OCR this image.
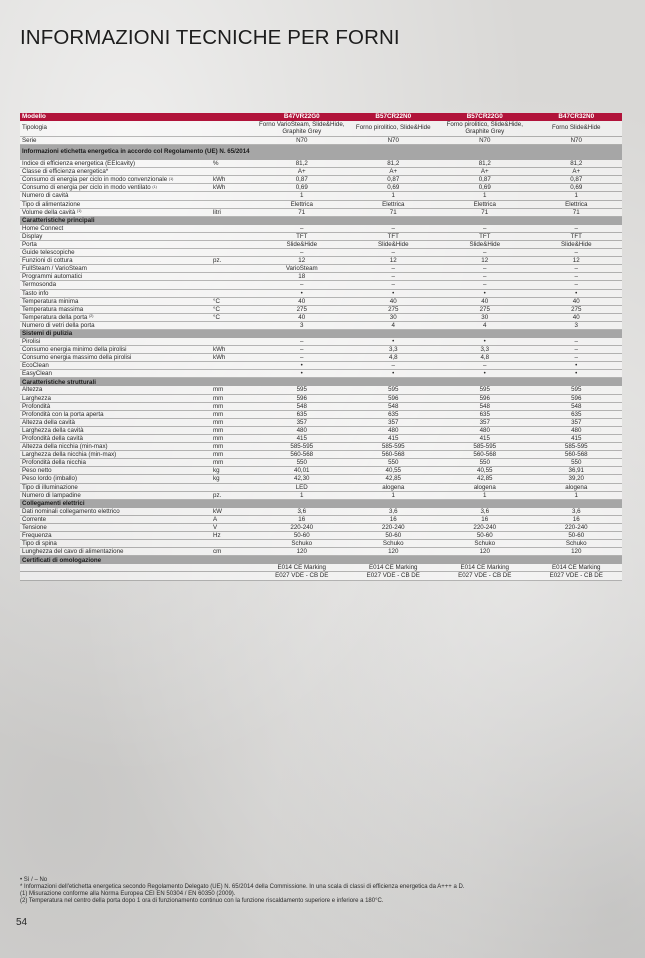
INFORMAZIONI TECNICHE PER FORNI
Modello		B47VR22G0	B57CR22N0	B57CR22G0	B47CR32N0
Tipologia		Forno VarioSteam, Slide&Hide, Graphite Grey	Forno pirolitico, Slide&Hide	Forno pirolitico, Slide&Hide, Graphite Grey	Forno Slide&Hide
Serie		N70	N70	N70	N70
Informazioni etichetta energetica in accordo col Regolamento (UE) N. 65/2014					
Indice di efficienza energetica (EEIcavity)	%	81,2	81,2	81,2	81,2
Classe di efficienza energetica*		A+	A+	A+	A+
Consumo di energia per ciclo in modo convenzionale $^{(1)}$	kWh	0,87	0,87	0,87	0,87
Consumo di energia per ciclo in modo ventilato $^{(1)}$	kWh	0,69	0,69	0,69	0,69
Numero di cavità		1	1	1	1
Tipo di alimentazione		Elettrica	Elettrica	Elettrica	Elettrica
Volume della cavità $^{(1)}$	litri	71	71	71	71
Caratteristiche principali					
Home Connect		–	–	–	–
Display		TFT	TFT	TFT	TFT
Porta		Slide&Hide	Slide&Hide	Slide&Hide	Slide&Hide
Guide telescopiche		–	–	–	–
Funzioni di cottura	pz.	12	12	12	12
FullSteam / VarioSteam		VarioSteam	–	–	–
Programmi automatici		18	–	–	–
Termosonda		–	–	–	–
Tasto info		•	•	•	•
Temperatura minima	°C	40	40	40	40
Temperatura massima	°C	275	275	275	275
Temperatura della porta $^{(2)}$	°C	40	30	30	40
Numero di vetri della porta		3	4	4	3
Sistemi di pulizia					
Pirolisi		–	•	•	–
Consumo energia minimo della pirolisi	kWh	–	3,3	3,3	–
Consumo energia massimo della pirolisi	kWh	–	4,8	4,8	–
EcoClean		•	–	–	•
EasyClean		•	•	•	•
Caratteristiche strutturali					
Altezza	mm	595	595	595	595
Larghezza	mm	596	596	596	596
Profondità	mm	548	548	548	548
Profondità con la porta aperta	mm	635	635	635	635
Altezza della cavità	mm	357	357	357	357
Larghezza della cavità	mm	480	480	480	480
Profondità della cavità	mm	415	415	415	415
Altezza della nicchia (min-max)	mm	585-595	585-595	585-595	585-595
Larghezza della nicchia (min-max)	mm	560-568	560-568	560-568	560-568
Profondità della nicchia	mm	550	550	550	550
Peso netto	kg	40,01	40,55	40,55	36,91
Peso lordo (imballo)	kg	42,30	42,85	42,85	39,20
Tipo di illuminazione		LED	alogena	alogena	alogena
Numero di lampadine	pz.	1	1	1	1
Collegamenti elettrici					
Dati nominali collegamento elettrico	kW	3,6	3,6	3,6	3,6
Corrente	A	16	16	16	16
Tensione	V	220-240	220-240	220-240	220-240
Frequenza	Hz	50-60	50-60	50-60	50-60
Tipo di spina		Schuko	Schuko	Schuko	Schuko
Lunghezza del cavo di alimentazione	cm	120	120	120	120
Certificati di omologazione					
		E014 CE Marking	E014 CE Marking	E014 CE Marking	E014 CE Marking
		E027 VDE - CB DE	E027 VDE - CB DE	E027 VDE - CB DE	E027 VDE - CB DE
• Sì / – No
* Informazioni dell'etichetta energetica secondo Regolamento Delegato (UE) N. 65/2014 della Commissione. In una scala di classi di efficienza energetica da A+++ a D.
(1) Misurazione conforme alla Norma Europea CEI EN 50304 / EN 60350 (2009).
(2) Temperatura nel centro della porta dopo 1 ora di funzionamento continuo con la funzione riscaldamento superiore e inferiore a 180°C.
54
